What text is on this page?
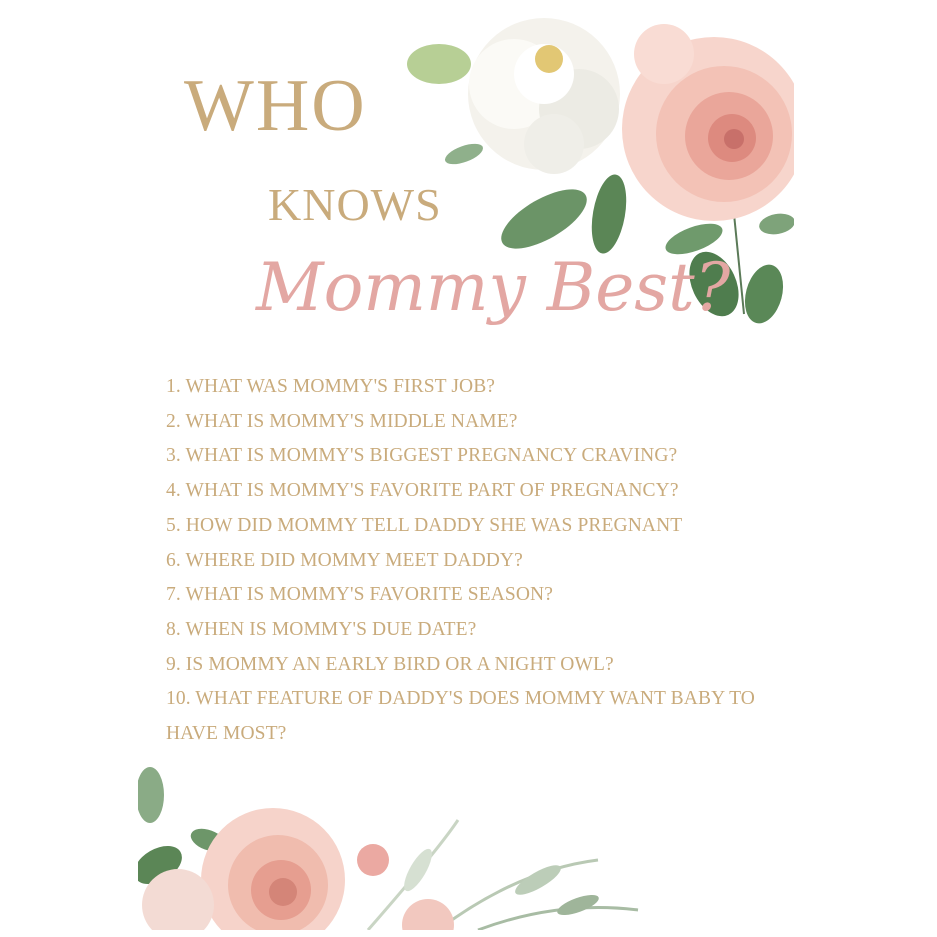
WHO
KNOWS
Mommy Best?
1. WHAT WAS MOMMY'S FIRST JOB?
2. WHAT IS MOMMY'S MIDDLE NAME?
3. WHAT IS MOMMY'S BIGGEST PREGNANCY CRAVING?
4. WHAT IS MOMMY'S FAVORITE PART OF PREGNANCY?
5. HOW DID MOMMY TELL DADDY SHE WAS PREGNANT
6. WHERE DID MOMMY MEET DADDY?
7. WHAT IS MOMMY'S FAVORITE SEASON?
8. WHEN IS MOMMY'S DUE DATE?
9. IS MOMMY AN EARLY BIRD OR A NIGHT OWL?
10. WHAT FEATURE OF DADDY'S DOES MOMMY WANT BABY TO HAVE MOST?
